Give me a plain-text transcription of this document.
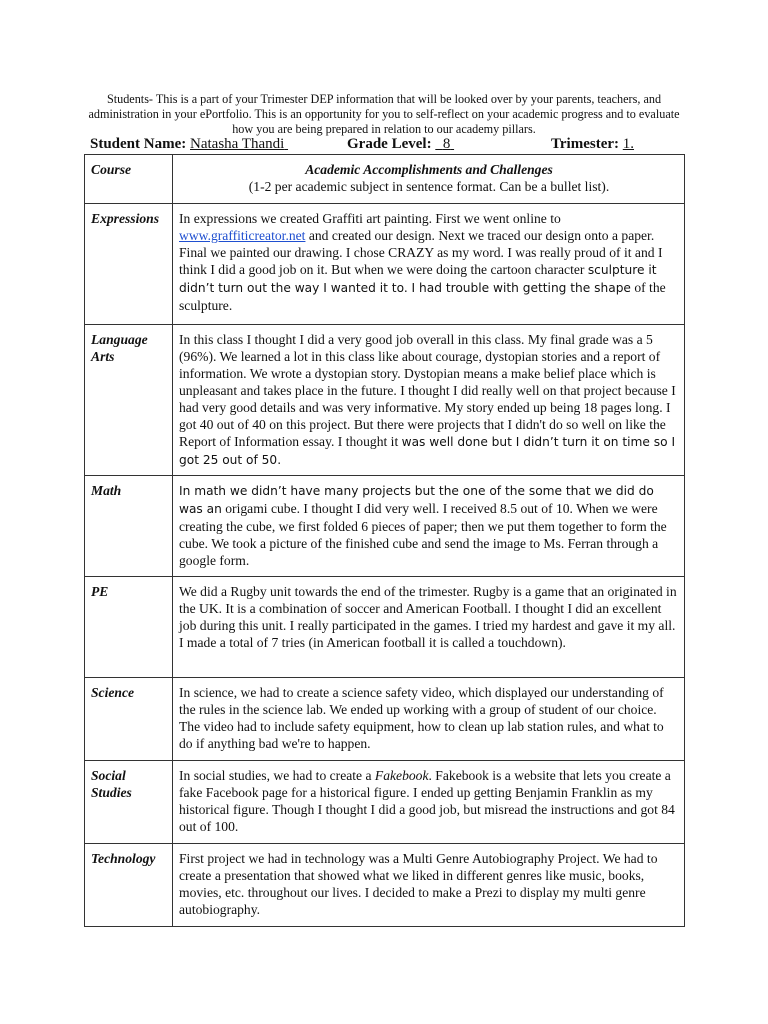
Students- This is a part of your Trimester DEP information that will be looked over by your parents, teachers, and administration in your ePortfolio. This is an opportunity for you to self-reflect on your academic progress and to evaluate how you are being prepared in relation to our academy pillars.
Student Name: Natasha Thandi	Grade Level: 8	Trimester: 1.
Course	Academic Accomplishments and Challenges
(1-2 per academic subject in sentence format. Can be a bullet list).

Expressions	In expressions we created Graffiti art painting. First we went online to www.graffiticreator.net and created our design. Next we traced our design onto a paper. Final we painted our drawing. I chose CRAZY as my word. I was really proud of it and I think I did a good job on it. But when we were doing the cartoon character sculpture it didn’t turn out the way I wanted it to. I had trouble with getting the shape of the sculpture.
Language Arts	In this class I thought I did a very good job overall in this class. My final grade was a 5 (96%). We learned a lot in this class like about courage, dystopian stories and a report of information. We wrote a dystopian story. Dystopian means a make belief place which is unpleasant and takes place in the future. I thought I did really well on that project because I had very good details and was very informative. My story ended up being 18 pages long. I got 40 out of 40 on this project. But there were projects that I didn't do so well on like the Report of Information essay. I thought it was well done but I didn’t turn it on time so I got 25 out of 50.
Math	In math we didn’t have many projects but the one of the some that we did do was an origami cube. I thought I did very well. I received 8.5 out of 10. When we were creating the cube, we first folded 6 pieces of paper; then we put them together to form the cube. We took a picture of the finished cube and send the image to Ms. Ferran through a google form.
PE	We did a Rugby unit towards the end of the trimester. Rugby is a game that an originated in the UK. It is a combination of soccer and American Football. I thought I did an excellent job during this unit. I really participated in the games. I tried my hardest and gave it my all. I made a total of 7 tries (in American football it is called a touchdown).
Science	In science, we had to create a science safety video, which displayed our understanding of the rules in the science lab. We ended up working with a group of student of our choice. The video had to include safety equipment, how to clean up lab station rules, and what to do if anything bad we're to happen.
Social Studies	In social studies, we had to create a Fakebook. Fakebook is a website that lets you create a fake Facebook page for a historical figure. I ended up getting Benjamin Franklin as my historical figure. Though I thought I did a good job, but misread the instructions and got 84 out of 100.
Technology	First project we had in technology was a Multi Genre Autobiography Project. We had to create a presentation that showed what we liked in different genres like music, books, movies, etc. throughout our lives. I decided to make a Prezi to display my multi genre autobiography.
